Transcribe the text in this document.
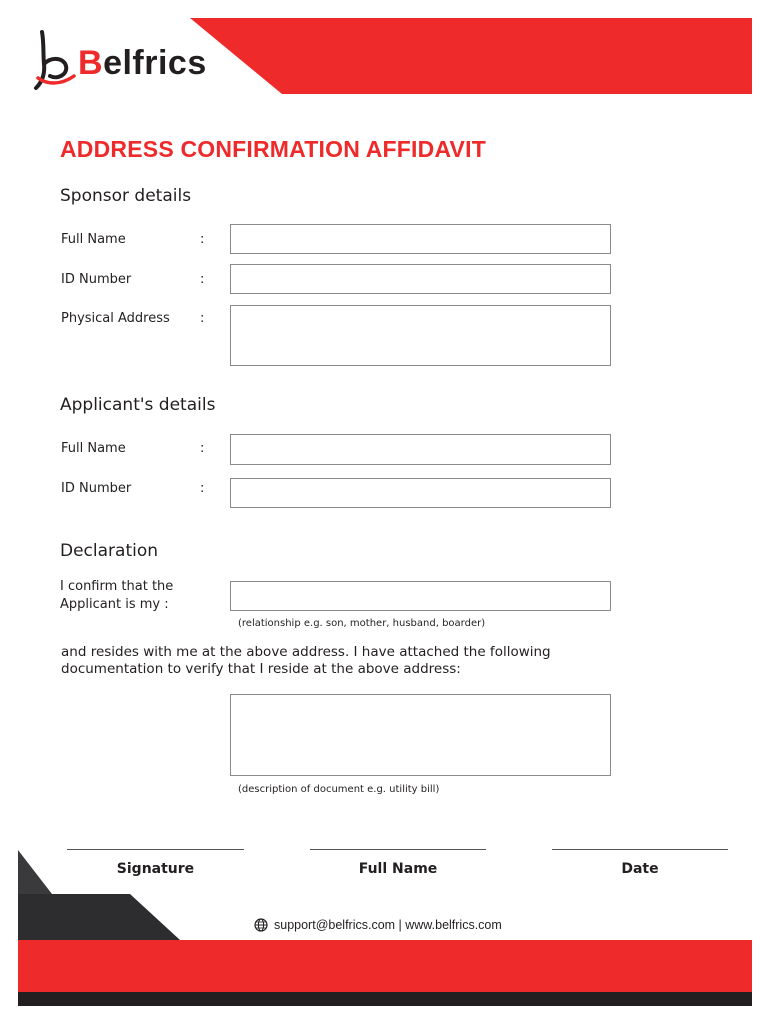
Belfrics
ADDRESS CONFIRMATION AFFIDAVIT
Sponsor details
Full Name	:
ID Number	:
Physical Address :
Applicant's details
Full Name	:
ID Number	:
Declaration
I confirm that the
Applicant is my :
(relationship e.g. son, mother, husband, boarder)
and resides with me at the above address. I have attached the following
documentation to verify that I reside at the above address:
(description of document e.g. utility bill)
Signature	Full Name	Date
support@belfrics.com | www.belfrics.com
